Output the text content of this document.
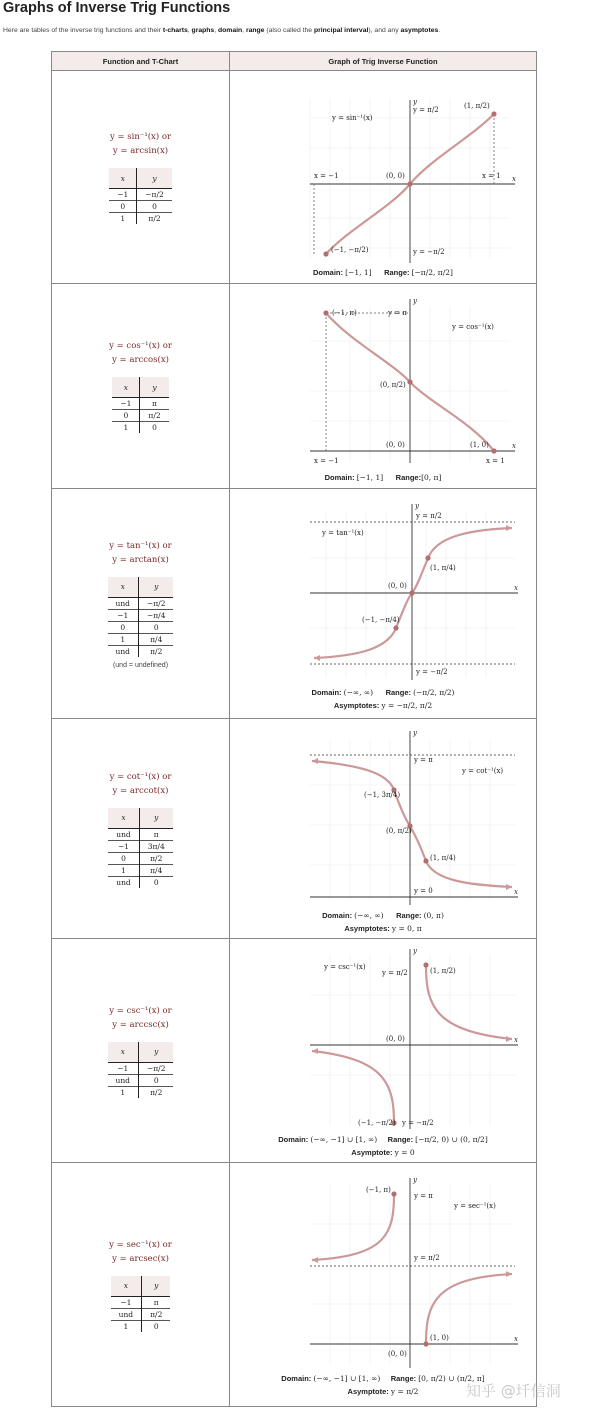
Graphs of Inverse Trig Functions
Here are tables of the inverse trig functions and their t-charts, graphs, domain, range (also called the principal interval), and any asymptotes.
Function and T-Chart	Graph of Trig Inverse Function

y = sin⁻¹(x) or
y = arcsin(x)
x	y
−1	−π/2
0	0
1	π/2

y = sin⁻¹(x)
y = π/2
y = −π/2
x = −1	x = 1
(1, π/2)
(0, 0)
(−1, −π/2)
x
y
Domain: [−1, 1] Range: [−π/2, π/2]

y = cos⁻¹(x) or
y = arccos(x)
x	y
−1	π
0	π/2
1	0

y = cos⁻¹(x)
y = π
x = −1	x = 1
(−1, π)
(0, π/2)
(1, 0)
(0, 0)	x
y
Domain: [−1, 1] Range:[0, π]

y = tan⁻¹(x) or
y = arctan(x)
x	y
und	−π/2
−1	−π/4
0	0
1	π/4
und	π/2
(und = undefined)

y = tan⁻¹(x)
y = π/2
y = −π/2
(1, π/4)
(0, 0)
(−1, −π/4)
x
y
Domain: (−∞, ∞) Range: (−π/2, π/2)
Asymptotes: y = −π/2, π/2

y = cot⁻¹(x) or
y = arccot(x)
x	y
und	π
−1	3π/4
0	π/2
1	π/4
und	0

y = cot⁻¹(x)
y = π
y = 0
(−1, 3π/4)
(0, π/2)
(1, π/4)
x
y
Domain: (−∞, ∞) Range: (0, π)
Asymptotes: y = 0, π

y = csc⁻¹(x) or
y = arccsc(x)
x	y
−1	−π/2
und	0
1	π/2

y = csc⁻¹(x)
y = π/2
y = −π/2
(1, π/2)
(0, 0)
(−1, −π/2)
x
y
Domain: (−∞, −1] ∪ [1, ∞) Range: [−π/2, 0) ∪ (0, π/2]
Asymptote: y = 0

y = sec⁻¹(x) or
y = arcsec(x)
x	y
−1	π
und	π/2
1	0

y = sec⁻¹(x)
y = π
y = π/2
(−1, π)
(1, 0)
(0, 0)
x
y
Domain: (−∞, −1] ∪ [1, ∞) Range: [0, π/2) ∪ (π/2, π]
Asymptote: y = π/2	知乎 @圲信洞
